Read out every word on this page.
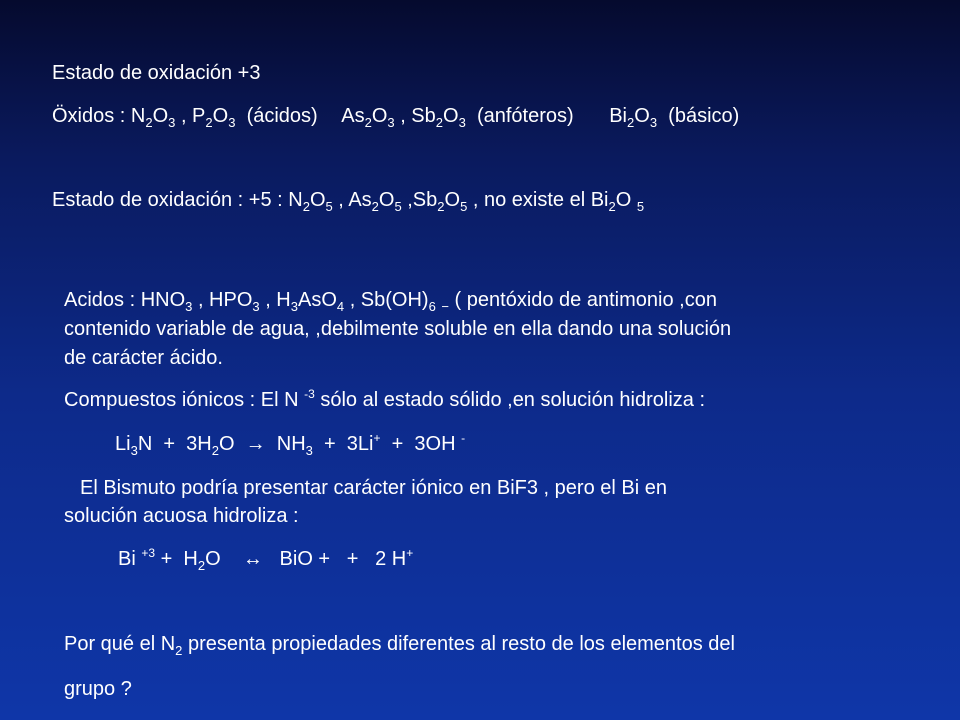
Estado de oxidación +3
Öxidos : $N_2O_3$ , $P_2O_3$ (ácidos) $As_2O_3$ , $Sb_2O_3$ (anfóteros) $Bi_2O_3$ (básico)
Estado de oxidación : +5 : $N_2O_5$ , $As_2O_5$ $,Sb_2O_5$ , no existe el $Bi_2O$ $_5$
Acidos : $HNO_3$ , $HPO_3$ , $H_3AsO_4$ , $Sb(OH)_6$ $_-$ ( pentóxido de antimonio ,con
contenido variable de agua, ,debilmente soluble en ella dando una solución
de carácter ácido.
Compuestos iónicos : El N $^{-3}$ sólo al estado sólido ,en solución hidroliza :
$Li_3N + 3H_2O \to NH_3 + 3Li^+ + 3OH$ -
El Bismuto podría presentar carácter iónico en BiF3 , pero el Bi en
solución acuosa hidroliza :
Bi $^{+3} + H_2O$    ↔   BiO +   +   2 H+
Por qué el $N_2$ presenta propiedades diferentes al resto de los elementos del
grupo ?
